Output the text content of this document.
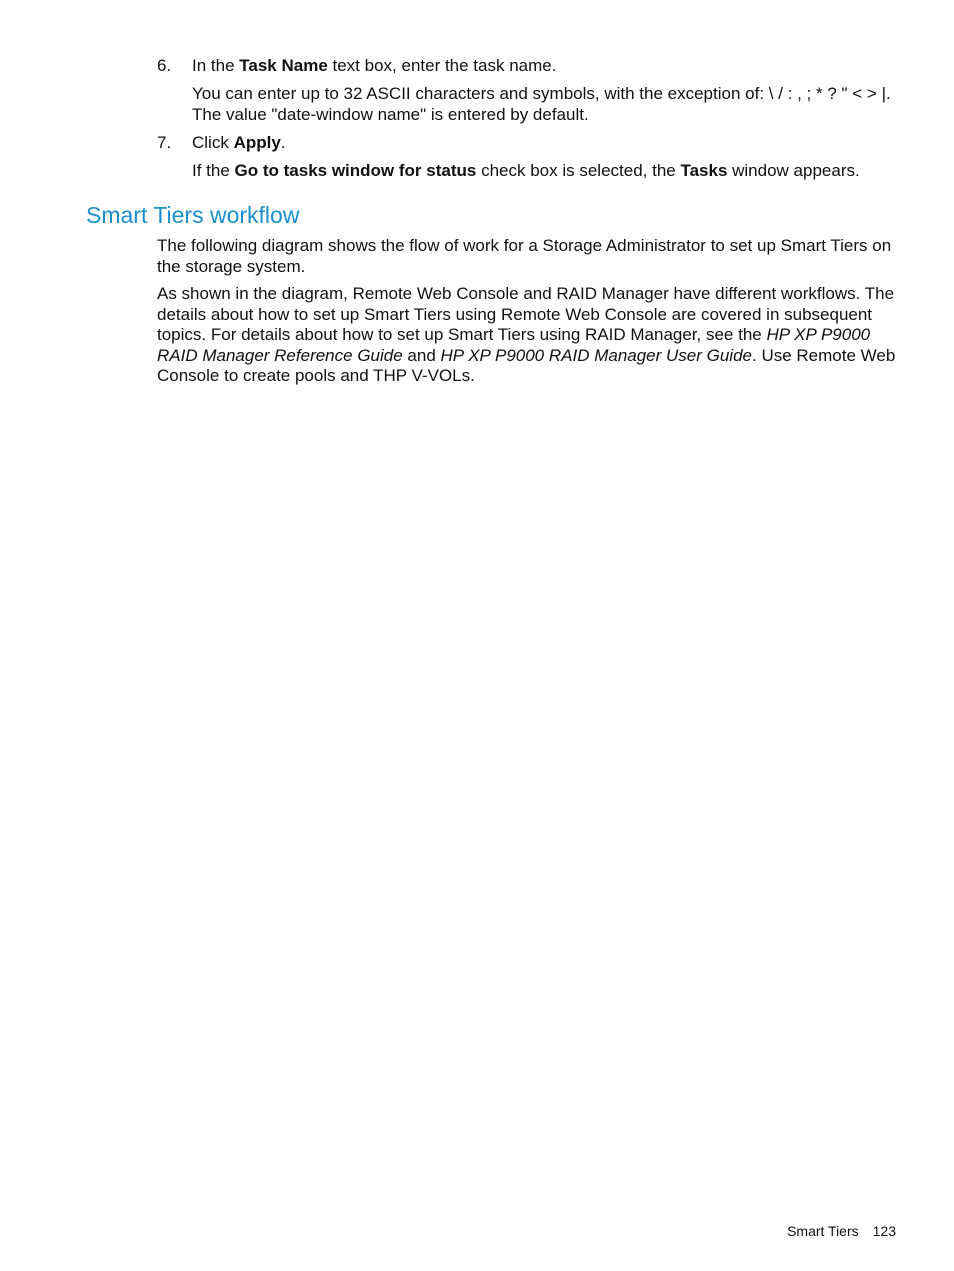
6. In the Task Name text box, enter the task name.
You can enter up to 32 ASCII characters and symbols, with the exception of: \ / : , ; * ? " < > |. The value "date-window name" is entered by default.
7. Click Apply.
If the Go to tasks window for status check box is selected, the Tasks window appears.
Smart Tiers workflow

The following diagram shows the flow of work for a Storage Administrator to set up Smart Tiers on the storage system.

As shown in the diagram, Remote Web Console and RAID Manager have different workflows. The details about how to set up Smart Tiers using Remote Web Console are covered in subsequent topics. For details about how to set up Smart Tiers using RAID Manager, see the HP XP P9000 RAID Manager Reference Guide and HP XP P9000 RAID Manager User Guide. Use Remote Web Console to create pools and THP V-VOLs.

Smart Tiers 123
